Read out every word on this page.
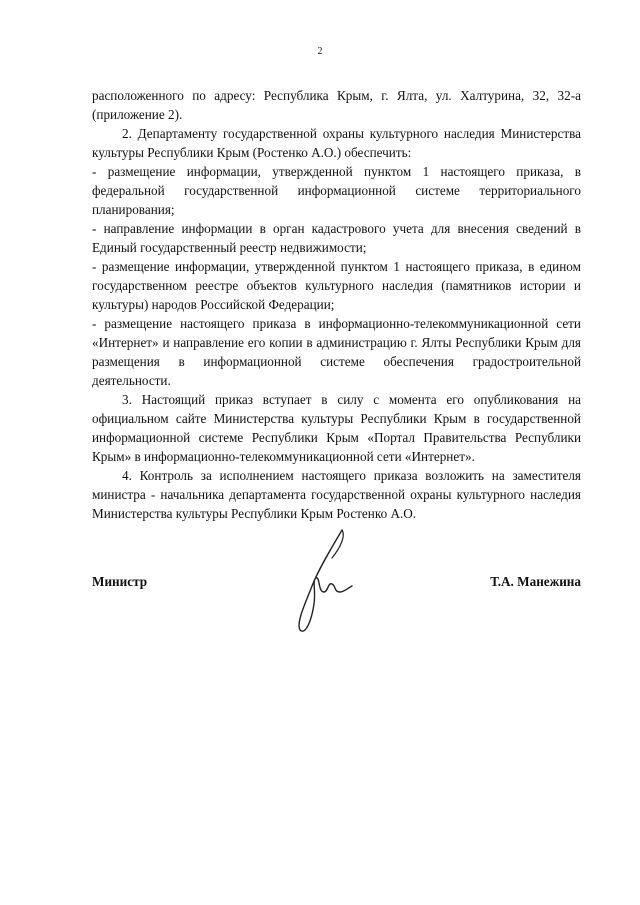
2

расположенного по адресу: Республика Крым, г. Ялта, ул. Халтурина, 32, 32-а (приложение 2).

2. Департаменту государственной охраны культурного наследия Министерства культуры Республики Крым (Ростенко А.О.) обеспечить:

- размещение информации, утвержденной пунктом 1 настоящего приказа, в федеральной государственной информационной системе территориального планирования;

- направление информации в орган кадастрового учета для внесения сведений в Единый государственный реестр недвижимости;

- размещение информации, утвержденной пунктом 1 настоящего приказа, в едином государственном реестре объектов культурного наследия (памятников истории и культуры) народов Российской Федерации;

- размещение настоящего приказа в информационно-телекоммуникационной сети «Интернет» и направление его копии в администрацию г. Ялты Республики Крым для размещения в информационной системе обеспечения градостроительной деятельности.

3. Настоящий приказ вступает в силу с момента его опубликования на официальном сайте Министерства культуры Республики Крым в государственной информационной системе Республики Крым «Портал Правительства Республики Крым» в информационно-телекоммуникационной сети «Интернет».

4. Контроль за исполнением настоящего приказа возложить на заместителя министра - начальника департамента государственной охраны культурного наследия Министерства культуры Республики Крым Ростенко А.О.

Министр	Т.А. Манежина
